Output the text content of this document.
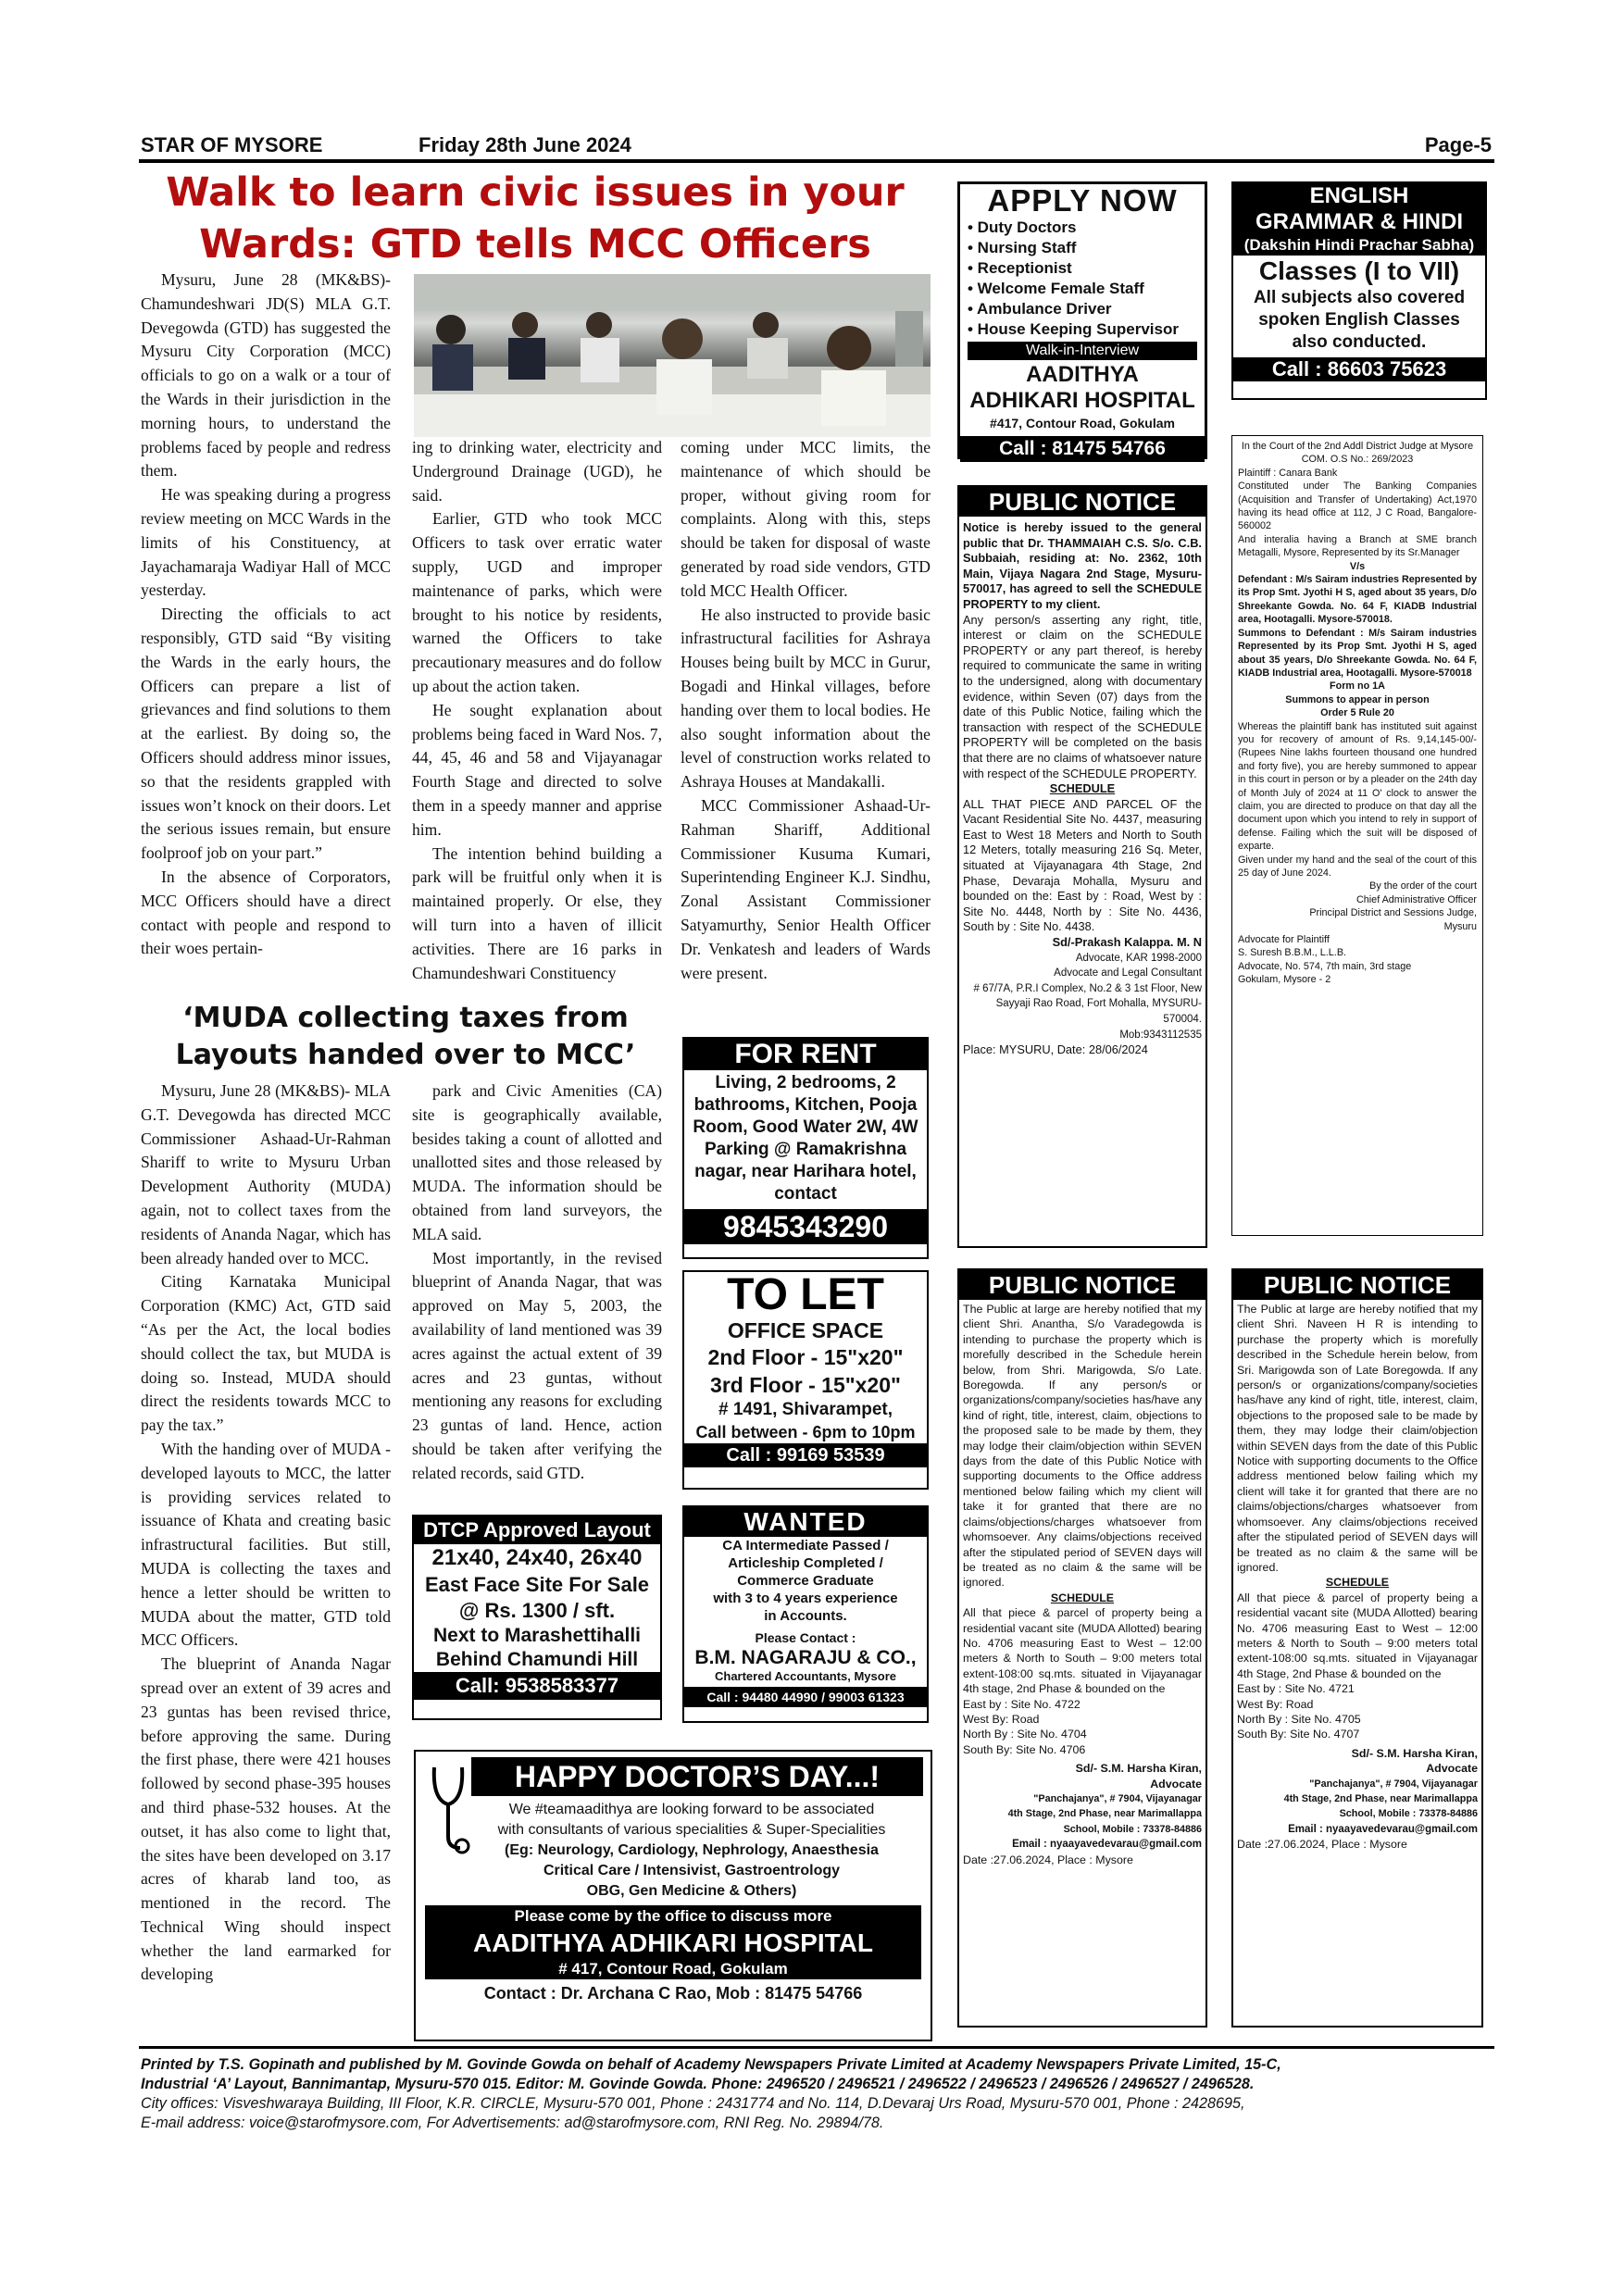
STAR OF MYSORE	Friday 28th June 2024	Page-5
Walk to learn civic issues in your
Wards: GTD tells MCC Officers

Mysuru, June 28 (MK&BS)- Chamundeshwari JD(S) MLA G.T. Devegowda (GTD) has suggested the Mysuru City Corporation (MCC) officials to go on a walk or a tour of the Wards in their jurisdiction in the morning hours, to understand the problems faced by people and redress them.

He was speaking during a progress review meeting on MCC Wards in the limits of his Constituency, at Jayachamaraja Wadiyar Hall of MCC yesterday.

Directing the officials to act responsibly, GTD said “By visiting the Wards in the early hours, the Officers can prepare a list of grievances and find solutions to them at the earliest. By doing so, the Officers should address minor issues, so that the residents grappled with issues won’t knock on their doors. Let the serious issues remain, but ensure foolproof job on your part.”

In the absence of Corporators, MCC Officers should have a direct contact with people and respond to their woes pertain-

ing to drinking water, electricity and Underground Drainage (UGD), he said.

Earlier, GTD who took MCC Officers to task over erratic water supply, UGD and improper maintenance of parks, which were brought to his notice by residents, warned the Officers to take precautionary measures and do follow up about the action taken.

He sought explanation about problems being faced in Ward Nos. 7, 44, 45, 46 and 58 and Vijayanagar Fourth Stage and directed to solve them in a speedy manner and apprise him.

The intention behind building a park will be fruitful only when it is maintained properly. Or else, they will turn into a haven of illicit activities. There are 16 parks in Chamundeshwari Constituency

coming under MCC limits, the maintenance of which should be proper, without giving room for complaints. Along with this, steps should be taken for disposal of waste generated by road side vendors, GTD told MCC Health Officer.

He also instructed to provide basic infrastructural facilities for Ashraya Houses being built by MCC in Gurur, Bogadi and Hinkal villages, before handing over them to local bodies. He also sought information about the level of construction works related to Ashraya Houses at Mandakalli.

MCC Commissioner Ashaad-Ur-Rahman Shariff, Additional Commissioner Kusuma Kumari, Superintending Engineer K.J. Sindhu, Zonal Assistant Commissioner Satyamurthy, Senior Health Officer Dr. Venkatesh and leaders of Wards were present.

‘MUDA collecting taxes from
Layouts handed over to MCC’

Mysuru, June 28 (MK&BS)- MLA G.T. Devegowda has directed MCC Commissioner Ashaad-Ur-Rahman Shariff to write to Mysuru Urban Development Authority (MUDA) again, not to collect taxes from the residents of Ananda Nagar, which has been already handed over to MCC.

Citing Karnataka Municipal Corporation (KMC) Act, GTD said “As per the Act, the local bodies should collect the tax, but MUDA is doing so. Instead, MUDA should direct the residents towards MCC to pay the tax.”

With the handing over of MUDA - developed layouts to MCC, the latter is providing services related to issuance of Khata and creating basic infrastructural facilities. But still, MUDA is collecting the taxes and hence a letter should be written to MUDA about the matter, GTD told MCC Officers.

The blueprint of Ananda Nagar spread over an extent of 39 acres and 23 guntas has been revised thrice, before approving the same. During the first phase, there were 421 houses followed by second phase-395 houses and third phase-532 houses. At the outset, it has also come to light that, the sites have been developed on 3.17 acres of kharab land too, as mentioned in the record. The Technical Wing should inspect whether the land earmarked for developing

park and Civic Amenities (CA) site is geographically available, besides taking a count of allotted and unallotted sites and those released by MUDA. The information should be obtained from land surveyors, the MLA said.

Most importantly, in the revised blueprint of Ananda Nagar, that was approved on May 5, 2003, the availability of land mentioned was 39 acres against the actual extent of 39 acres and 23 guntas, without mentioning any reasons for excluding 23 guntas of land. Hence, action should be taken after verifying the related records, said GTD.

APPLY NOW
• Duty Doctors
• Nursing Staff
• Receptionist
• Welcome Female Staff
• Ambulance Driver
• House Keeping Supervisor
Walk-in-Interview
AADITHYA
ADHIKARI HOSPITAL
#417, Contour Road, Gokulam
Call : 81475 54766
ENGLISH
GRAMMAR & HINDI
(Dakshin Hindi Prachar Sabha)
Classes (I to VII)
All subjects also covered
spoken English Classes
also conducted.
Call : 86603 75623

In the Court of the 2nd Addl District Judge at Mysore

COM. O.S No.: 269/2023

Plaintiff : Canara Bank

Constituted under The Banking Companies (Acquisition and Transfer of Undertaking) Act,1970 having its head office at 112, J C Road, Bangalore-560002

And interalia having a Branch at SME branch Metagalli, Mysore, Represented by its Sr.Manager

V/s

Defendant : M/s Sairam industries Represented by its Prop Smt. Jyothi H S, aged about 35 years, D/o Shreekante Gowda. No. 64 F, KIADB Industrial area, Hootagalli. Mysore-570018.

Summons to Defendant : M/s Sairam industries Represented by its Prop Smt. Jyothi H S, aged about 35 years, D/o Shreekante Gowda. No. 64 F, KIADB Industrial area, Hootagalli. Mysore-570018

Form no 1A

Summons to appear in person

Order 5 Rule 20

Whereas the plaintiff bank has instituted suit against you for recovery of amount of Rs. 9,14,145-00/- (Rupees Nine lakhs fourteen thousand one hundred and forty five), you are hereby summoned to appear in this court in person or by a pleader on the 24th day of Month July of 2024 at 11 O' clock to answer the claim, you are directed to produce on that day all the document upon which you intend to rely in support of defense. Failing which the suit will be disposed of exparte.

Given under my hand and the seal of the court of this 25 day of June 2024.

By the order of the court

Chief Administrative Officer

Principal District and Sessions Judge,

Mysuru

Advocate for Plaintiff

S. Suresh B.B.M., L.L.B.

Advocate, No. 574, 7th main, 3rd stage

Gokulam, Mysore - 2

PUBLIC NOTICE

Notice is hereby issued to the general public that Dr. THAMMAIAH C.S. S/o. C.B. Subbaiah, residing at: No. 2362, 10th Main, Vijaya Nagara 2nd Stage, Mysuru-570017, has agreed to sell the SCHEDULE PROPERTY to my client.

Any person/s asserting any right, title, interest or claim on the SCHEDULE PROPERTY or any part thereof, is hereby required to communicate the same in writing to the undersigned, along with documentary evidence, within Seven (07) days from the date of this Public Notice, failing which the transaction with respect of the SCHEDULE PROPERTY will be completed on the basis that there are no claims of whatsoever nature with respect of the SCHEDULE PROPERTY.

SCHEDULE

ALL THAT PIECE AND PARCEL OF the Vacant Residential Site No. 4437, measuring East to West 18 Meters and North to South 12 Meters, totally measuring 216 Sq. Meter, situated at Vijayanagara 4th Stage, 2nd Phase, Devaraja Mohalla, Mysuru and bounded on the: East by : Road, West by : Site No. 4448, North by : Site No. 4436, South by : Site No. 4438.

Sd/-Prakash Kalappa. M. N

Advocate, KAR 1998-2000

Advocate and Legal Consultant

# 67/7A, P.R.I Complex, No.2 & 3 1st Floor, New Sayyaji Rao Road, Fort Mohalla, MYSURU-570004.

Mob:9343112535

Place: MYSURU, Date: 28/06/2024

FOR RENT
Living, 2 bedrooms, 2 bathrooms, Kitchen, Pooja Room, Good Water 2W, 4W Parking @ Ramakrishna nagar, near Harihara hotel, contact
9845343290
TO LET
OFFICE SPACE
2nd Floor - 15"x20"
3rd Floor - 15"x20"
# 1491, Shivarampet,
Call between - 6pm to 10pm
Call : 99169 53539
WANTED
CA Intermediate Passed /
Articleship Completed /
Commerce Graduate
with 3 to 4 years experience
in Accounts.
Please Contact :
B.M. NAGARAJU & CO.,
Chartered Accountants, Mysore
Call : 94480 44990 / 99003 61323
DTCP Approved Layout
21x40, 24x40, 26x40
East Face Site For Sale
@ Rs. 1300 / sft.
Next to Marashettihalli
Behind Chamundi Hill
Call: 9538583377
HAPPY DOCTOR’S DAY...!
We #teamaadithya are looking forward to be associated
with consultants of various specialities & Super-Specialities
(Eg: Neurology, Cardiology, Nephrology, Anaesthesia
Critical Care / Intensivist, Gastroentrology
OBG, Gen Medicine & Others)
Please come by the office to discuss more
AADITHYA ADHIKARI HOSPITAL
# 417, Contour Road, Gokulam
Contact : Dr. Archana C Rao, Mob : 81475 54766
PUBLIC NOTICE

The Public at large are hereby notified that my client Shri. Anantha, S/o Varadegowda is intending to purchase the property which is morefully described in the Schedule herein below, from Shri. Marigowda, S/o Late. Boregowda. If any person/s or organizations/company/societies has/have any kind of right, title, interest, claim, objections to the proposed sale to be made by them, they may lodge their claim/objection within SEVEN days from the date of this Public Notice with supporting documents to the Office address mentioned below failing which my client will take it for granted that there are no claims/objections/charges whatsoever from whomsoever. Any claims/objections received after the stipulated period of SEVEN days will be treated as no claim & the same will be ignored.

SCHEDULE

All that piece & parcel of property being a residential vacant site (MUDA Allotted) bearing No. 4706 measuring East to West – 12:00 meters & North to South – 9:00 meters total extent-108:00 sq.mts. situated in Vijayanagar 4th stage, 2nd Phase & bounded on the

East by : Site No. 4722

West By: Road

North By : Site No. 4704

South By: Site No. 4706

Sd/- S.M. Harsha Kiran,

Advocate

"Panchajanya", # 7904, Vijayanagar

4th Stage, 2nd Phase, near Marimallappa

School, Mobile : 73378-84886

Email : nyaayavedevarau@gmail.com

Date :27.06.2024, Place : Mysore

PUBLIC NOTICE

The Public at large are hereby notified that my client Shri. Naveen H R is intending to purchase the property which is morefully described in the Schedule herein below, from Sri. Marigowda son of Late Boregowda. If any person/s or organizations/company/societies has/have any kind of right, title, interest, claim, objections to the proposed sale to be made by them, they may lodge their claim/objection within SEVEN days from the date of this Public Notice with supporting documents to the Office address mentioned below failing which my client will take it for granted that there are no claims/objections/charges whatsoever from whomsoever. Any claims/objections received after the stipulated period of SEVEN days will be treated as no claim & the same will be ignored.

SCHEDULE

All that piece & parcel of property being a residential vacant site (MUDA Allotted) bearing No. 4706 measuring East to West – 12:00 meters & North to South – 9:00 meters total extent-108:00 sq.mts. situated in Vijayanagar 4th Stage, 2nd Phase & bounded on the

East by : Site No. 4721

West By: Road

North By : Site No. 4705

South By: Site No. 4707

Sd/- S.M. Harsha Kiran,

Advocate

"Panchajanya", # 7904, Vijayanagar

4th Stage, 2nd Phase, near Marimallappa

School, Mobile : 73378-84886

Email : nyaayavedevarau@gmail.com

Date :27.06.2024, Place : Mysore

Printed by T.S. Gopinath and published by M. Govinde Gowda on behalf of Academy Newspapers Private Limited at Academy Newspapers Private Limited, 15-C,
Industrial ‘A’ Layout, Bannimantap, Mysuru-570 015. Editor: M. Govinde Gowda. Phone: 2496520 / 2496521 / 2496522 / 2496523 / 2496526 / 2496527 / 2496528.
City offices: Visveshwaraya Building, III Floor, K.R. CIRCLE, Mysuru-570 001, Phone : 2431774 and No. 114, D.Devaraj Urs Road, Mysuru-570 001, Phone : 2428695,
E-mail address: voice@starofmysore.com, For Advertisements: ad@starofmysore.com, RNI Reg. No. 29894/78.
